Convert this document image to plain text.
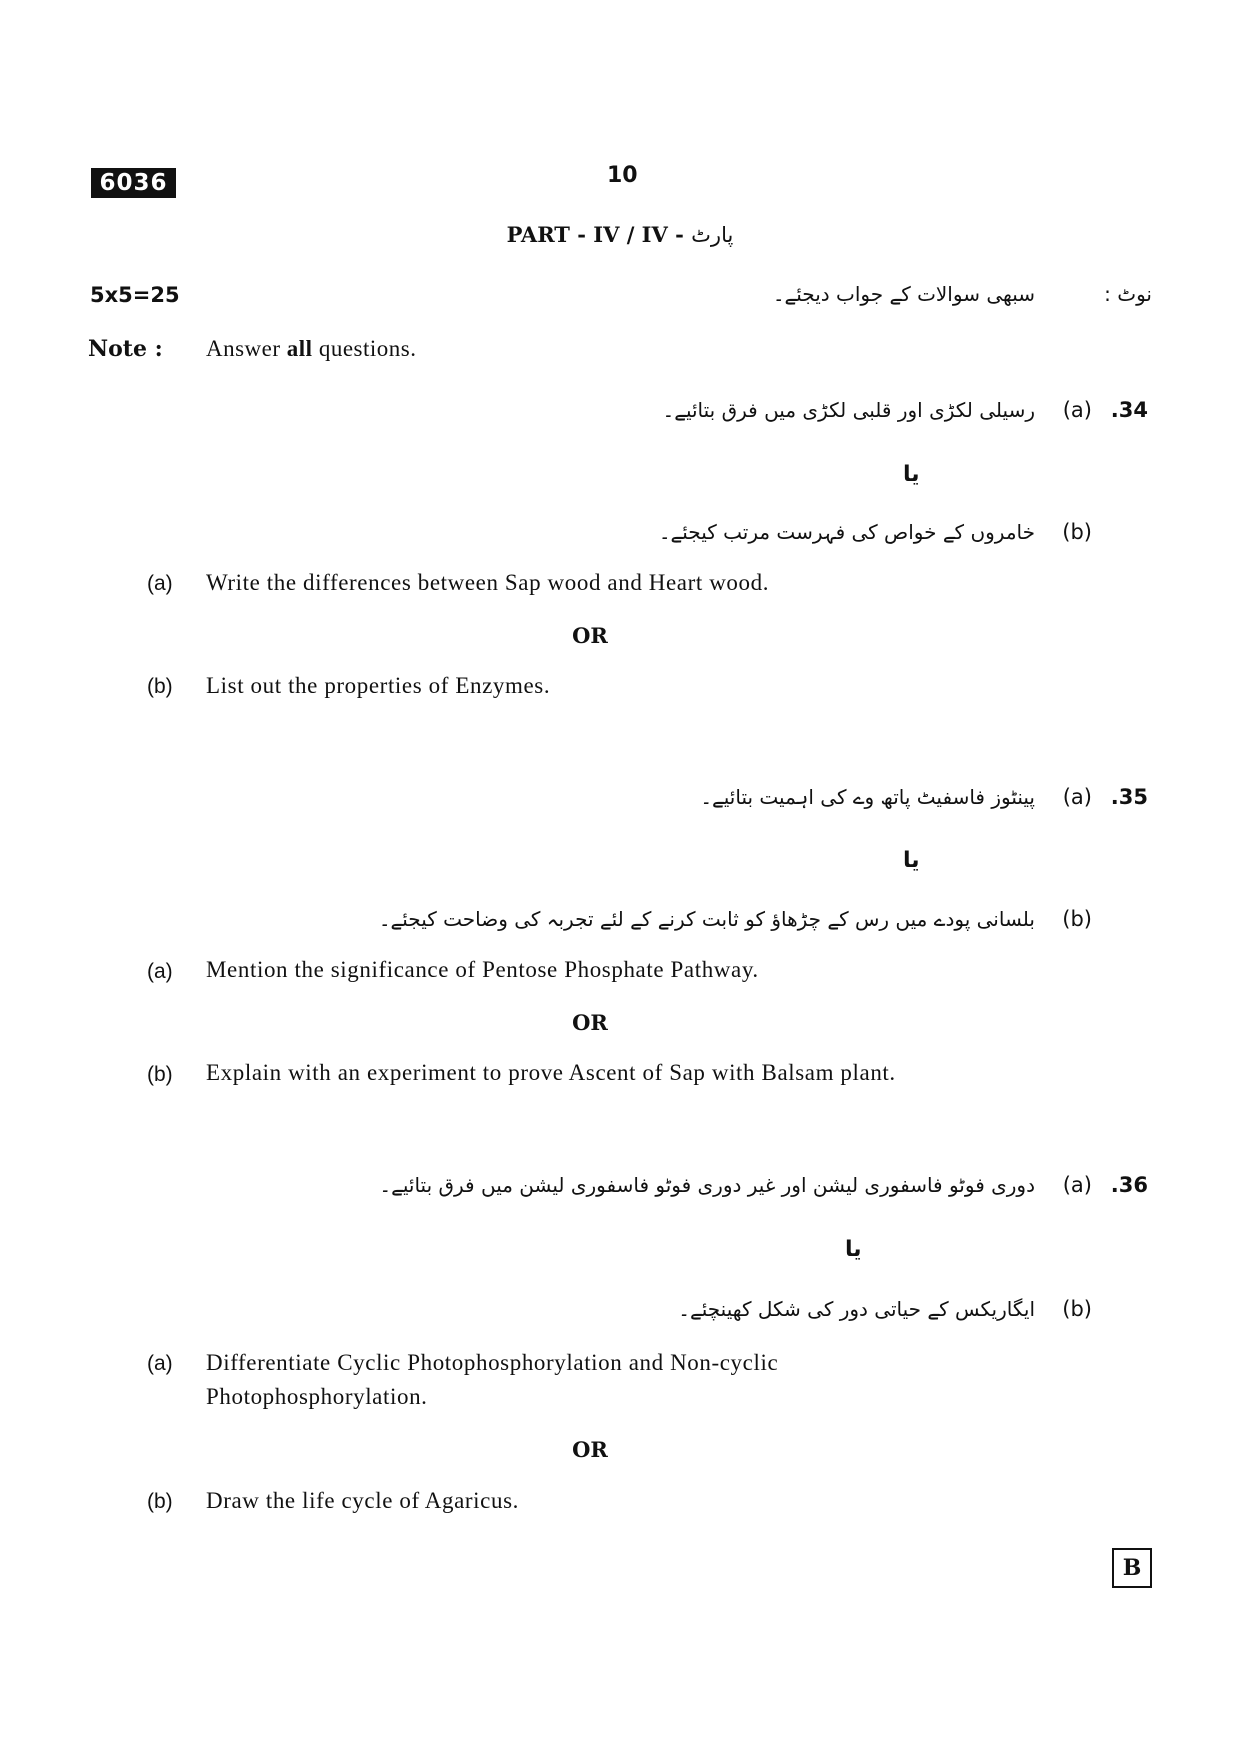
6036	10
PART - IV / IV - پارٹ
5x5=25	نوٹ :
سبھی سوالات کے جواب دیجئے۔
Note : Answer all questions.
.34
(a)
رسیلی لکڑی اور قلبی لکڑی میں فرق بتائیے۔
یا
(b)
خامروں کے خواص کی فہرست مرتب کیجئے۔
(a) Write the differences between Sap wood and Heart wood.
OR
(b) List out the properties of Enzymes.
.35
(a)
پینٹوز فاسفیٹ پاتھ وے کی اہمیت بتائیے۔
یا
(b)
بلسانی پودے میں رس کے چڑھاؤ کو ثابت کرنے کے لئے تجربہ کی وضاحت کیجئے۔
(a) Mention the significance of Pentose Phosphate Pathway.
OR
(b) Explain with an experiment to prove Ascent of Sap with Balsam plant.
.36
(a)
دوری فوٹو فاسفوری لیشن اور غیر دوری فوٹو فاسفوری لیشن میں فرق بتائیے۔
یا
(b)
ایگاریکس کے حیاتی دور کی شکل کھینچئے۔
(a) Differentiate Cyclic Photophosphorylation and Non-cyclic
Photophosphorylation.
OR
(b) Draw the life cycle of Agaricus.
B
